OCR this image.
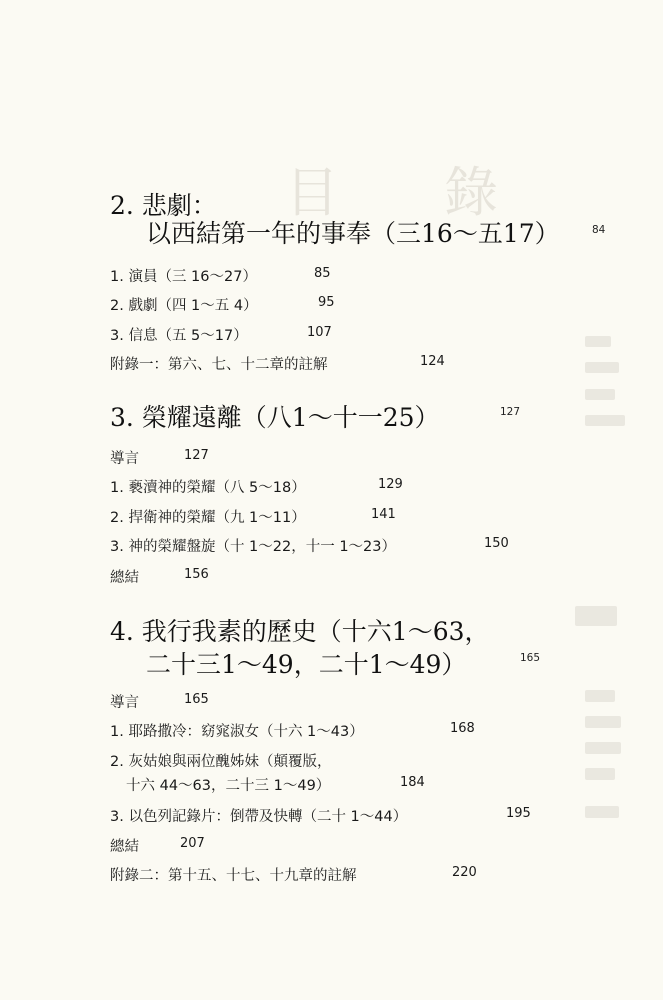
目 錄
2. 悲劇：
以西結第一年的事奉（三16～五17）	84
1. 演員（三 16～27）	85
2. 戲劇（四 1～五 4）	95
3. 信息（五 5～17）	107
附錄一：第六、七、十二章的註解	124
3. 榮耀遠離（八1～十一25）	127
導言	127
1. 褻瀆神的榮耀（八 5～18）	129
2. 捍衛神的榮耀（九 1～11）	141
3. 神的榮耀盤旋（十 1～22，十一 1～23）	150
總結	156
4. 我行我素的歷史（十六1～63，
二十三1～49，二十1～49）	165
導言	165
1. 耶路撒冷：窈窕淑女（十六 1～43）	168
2. 灰姑娘與兩位醜姊妹（顛覆版，
十六 44～63，二十三 1～49）	184
3. 以色列記錄片：倒帶及快轉（二十 1～44）	195
總結	207
附錄二：第十五、十七、十九章的註解	220
